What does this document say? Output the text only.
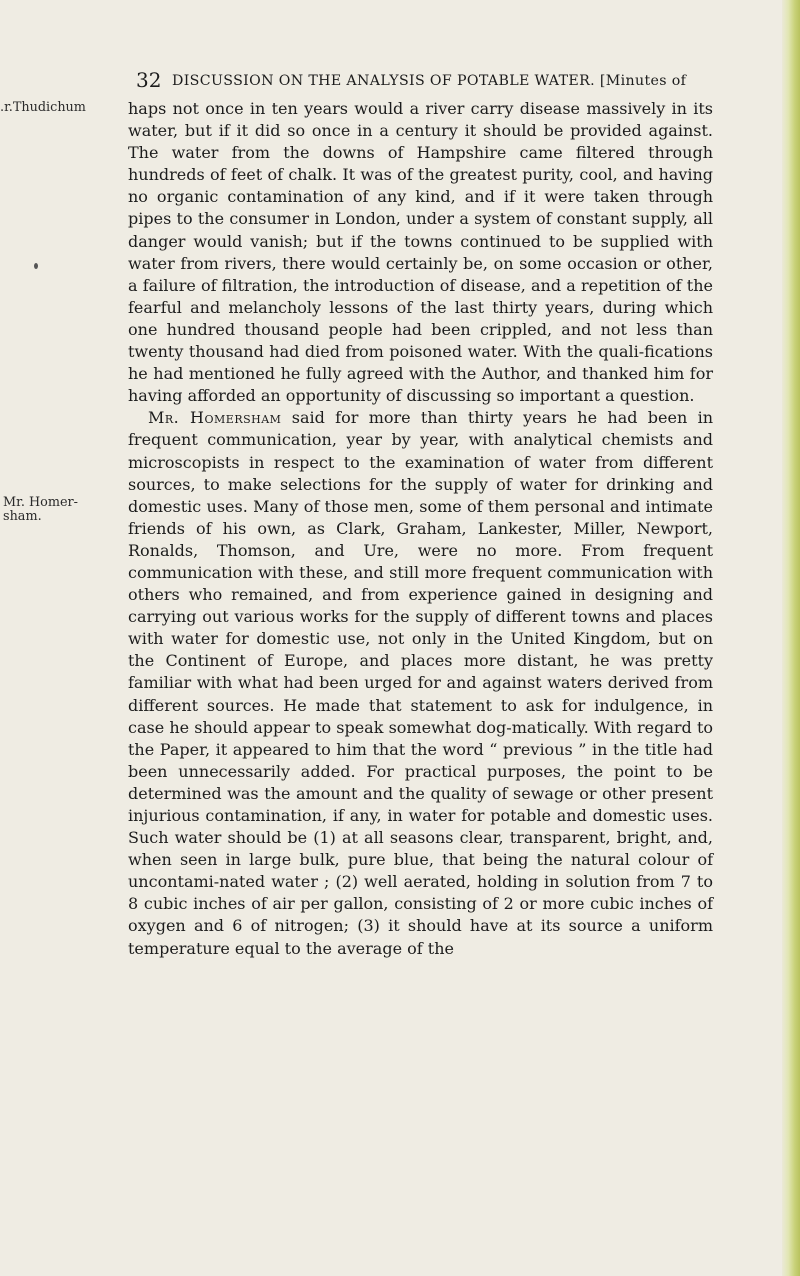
32 DISCUSSION ON THE ANALYSIS OF POTABLE WATER. [Minutes of
.r.Thudichum
Mr. Homer-
sham.

haps not once in ten years would a river carry disease massively in its water, but if it did so once in a century it should be provided against. The water from the downs of Hampshire came filtered through hundreds of feet of chalk. It was of the greatest purity, cool, and having no organic contamination of any kind, and if it were taken through pipes to the consumer in London, under a system of constant supply, all danger would vanish; but if the towns continued to be supplied with water from rivers, there would certainly be, on some occasion or other, a failure of filtration, the introduction of disease, and a repetition of the fearful and melancholy lessons of the last thirty years, during which one hundred thousand people had been crippled, and not less than twenty thousand had died from poisoned water. With the quali-fications he had mentioned he fully agreed with the Author, and thanked him for having afforded an opportunity of discussing so important a question.

Mr. Homersham said for more than thirty years he had been in frequent communication, year by year, with analytical chemists and microscopists in respect to the examination of water from different sources, to make selections for the supply of water for drinking and domestic uses. Many of those men, some of them personal and intimate friends of his own, as Clark, Graham, Lankester, Miller, Newport, Ronalds, Thomson, and Ure, were no more. From frequent communication with these, and still more frequent communication with others who remained, and from experience gained in designing and carrying out various works for the supply of different towns and places with water for domestic use, not only in the United Kingdom, but on the Continent of Europe, and places more distant, he was pretty familiar with what had been urged for and against waters derived from different sources. He made that statement to ask for indulgence, in case he should appear to speak somewhat dog-matically. With regard to the Paper, it appeared to him that the word “ previous ” in the title had been unnecessarily added. For practical purposes, the point to be determined was the amount and the quality of sewage or other present injurious contamination, if any, in water for potable and domestic uses. Such water should be (1) at all seasons clear, transparent, bright, and, when seen in large bulk, pure blue, that being the natural colour of uncontami-nated water ; (2) well aerated, holding in solution from 7 to 8 cubic inches of air per gallon, consisting of 2 or more cubic inches of oxygen and 6 of nitrogen; (3) it should have at its source a uniform temperature equal to the average of the
